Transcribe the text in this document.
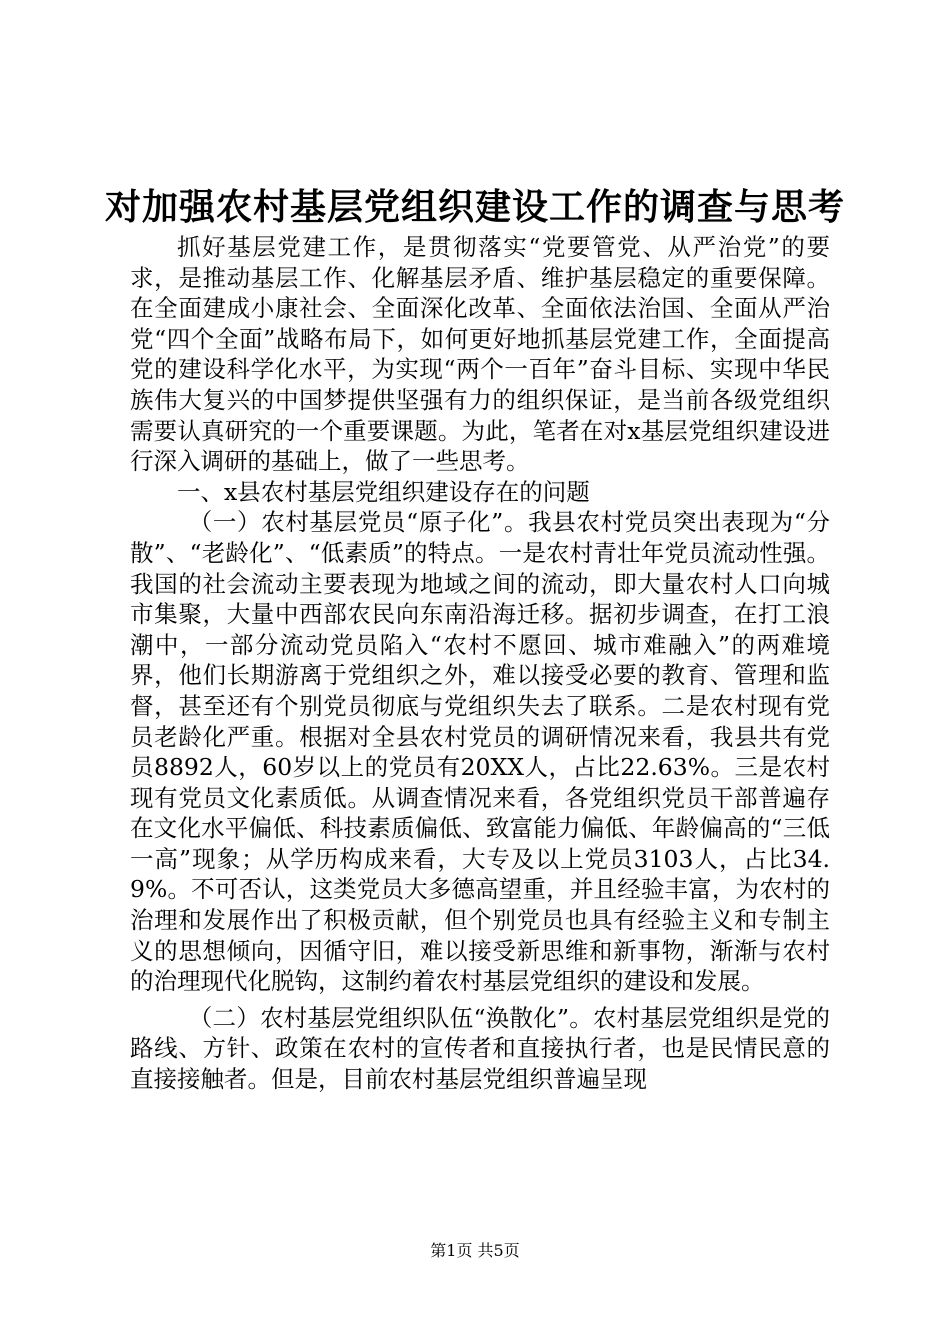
对加强农村基层党组织建设工作的调查与思考

抓好基层党建工作，是贯彻落实“党要管党、从严治党”的要求，是推动基层工作、化解基层矛盾、维护基层稳定的重要保障。在全面建成小康社会、全面深化改革、全面依法治国、全面从严治党“四个全面”战略布局下，如何更好地抓基层党建工作，全面提高党的建设科学化水平，为实现“两个一百年”奋斗目标、实现中华民族伟大复兴的中国梦提供坚强有力的组织保证，是当前各级党组织需要认真研究的一个重要课题。为此，笔者在对x基层党组织建设进行深入调研的基础上，做了一些思考。

一、x县农村基层党组织建设存在的问题

（一）农村基层党员“原子化”。我县农村党员突出表现为“分散”、“老龄化”、“低素质”的特点。一是农村青壮年党员流动性强。我国的社会流动主要表现为地域之间的流动，即大量农村人口向城市集聚，大量中西部农民向东南沿海迁移。据初步调查，在打工浪潮中，一部分流动党员陷入“农村不愿回、城市难融入”的两难境界，他们长期游离于党组织之外，难以接受必要的教育、管理和监督，甚至还有个别党员彻底与党组织失去了联系。二是农村现有党员老龄化严重。根据对全县农村党员的调研情况来看，我县共有党员8892人，60岁以上的党员有20XX人，占比22.63%。三是农村现有党员文化素质低。从调查情况来看，各党组织党员干部普遍存在文化水平偏低、科技素质偏低、致富能力偏低、年龄偏高的“三低一高”现象；从学历构成来看，大专及以上党员3103人，占比34.9%。不可否认，这类党员大多德高望重，并且经验丰富，为农村的治理和发展作出了积极贡献，但个别党员也具有经验主义和专制主义的思想倾向，因循守旧，难以接受新思维和新事物，渐渐与农村的治理现代化脱钩，这制约着农村基层党组织的建设和发展。

（二）农村基层党组织队伍“涣散化”。农村基层党组织是党的路线、方针、政策在农村的宣传者和直接执行者，也是民情民意的直接接触者。但是，目前农村基层党组织普遍呈现

第1页 共5页
